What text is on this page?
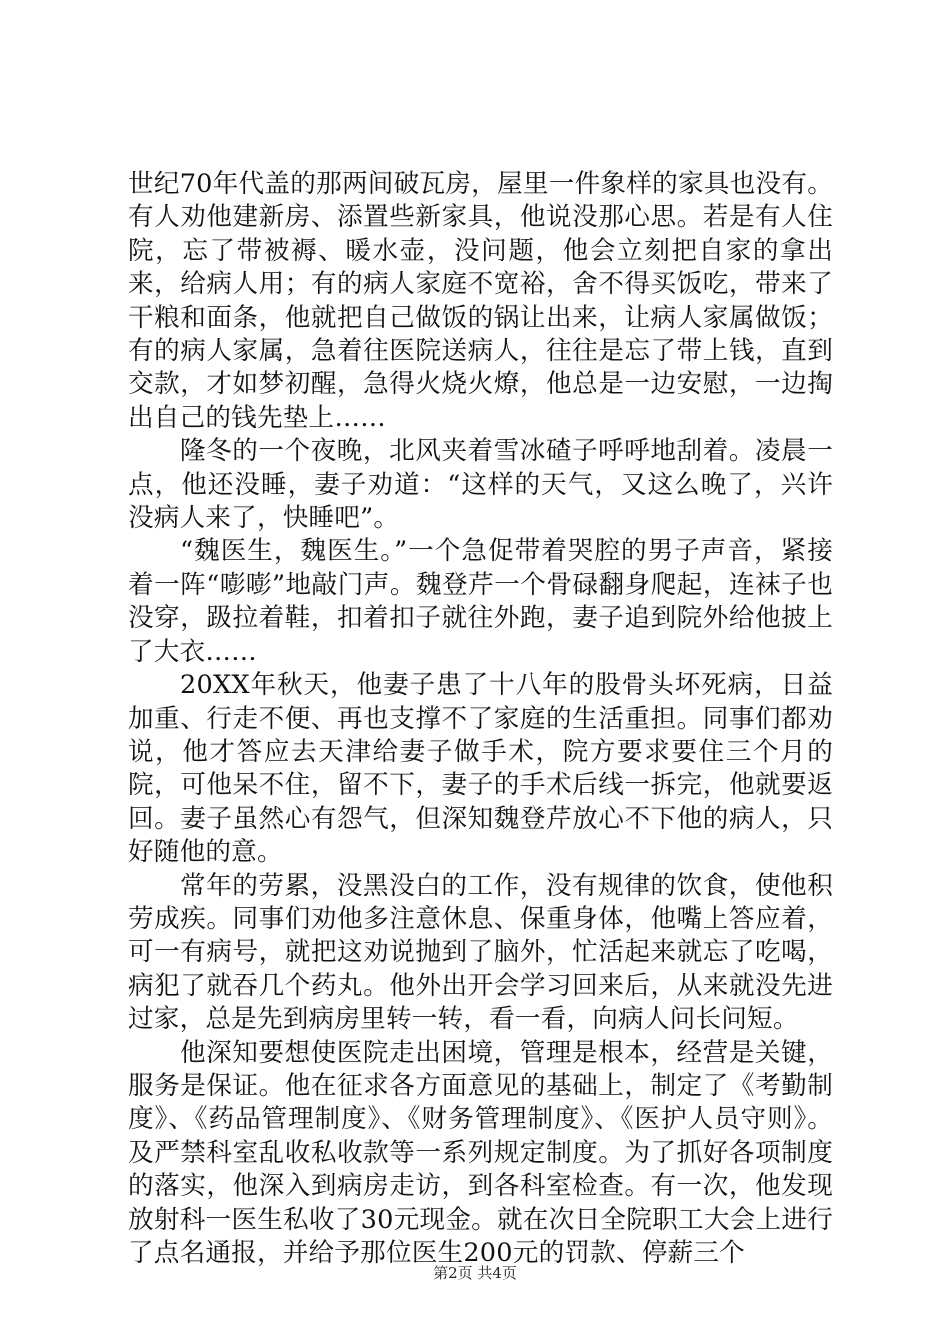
世纪70年代盖的那两间破瓦房，屋里一件象样的家具也没有。有人劝他建新房、添置些新家具，他说没那心思。若是有人住院，忘了带被褥、暖水壶，没问题，他会立刻把自家的拿出来，给病人用；有的病人家庭不宽裕，舍不得买饭吃，带来了干粮和面条，他就把自己做饭的锅让出来，让病人家属做饭；有的病人家属，急着往医院送病人，往往是忘了带上钱，直到交款，才如梦初醒，急得火烧火燎，他总是一边安慰，一边掏出自己的钱先垫上……

隆冬的一个夜晚，北风夹着雪冰碴子呼呼地刮着。凌晨一点，他还没睡，妻子劝道：“这样的天气，又这么晚了，兴许没病人来了，快睡吧”。

“魏医生，魏医生。”一个急促带着哭腔的男子声音，紧接着一阵“嘭嘭”地敲门声。魏登芹一个骨碌翻身爬起，连袜子也没穿，趿拉着鞋，扣着扣子就往外跑，妻子追到院外给他披上了大衣……

20XX年秋天，他妻子患了十八年的股骨头坏死病，日益加重、行走不便、再也支撑不了家庭的生活重担。同事们都劝说，他才答应去天津给妻子做手术，院方要求要住三个月的院，可他呆不住，留不下，妻子的手术后线一拆完，他就要返回。妻子虽然心有怨气，但深知魏登芹放心不下他的病人，只好随他的意。

常年的劳累，没黑没白的工作，没有规律的饮食，使他积劳成疾。同事们劝他多注意休息、保重身体，他嘴上答应着，可一有病号，就把这劝说抛到了脑外，忙活起来就忘了吃喝，病犯了就吞几个药丸。他外出开会学习回来后，从来就没先进过家，总是先到病房里转一转，看一看，向病人问长问短。

他深知要想使医院走出困境，管理是根本，经营是关键，服务是保证。他在征求各方面意见的基础上，制定了《考勤制度》、《药品管理制度》、《财务管理制度》、《医护人员守则》。及严禁科室乱收私收款等一系列规定制度。为了抓好各项制度的落实，他深入到病房走访，到各科室检查。有一次，他发现放射科一医生私收了30元现金。就在次日全院职工大会上进行了点名通报，并给予那位医生200元的罚款、停薪三个

第2页 共4页
